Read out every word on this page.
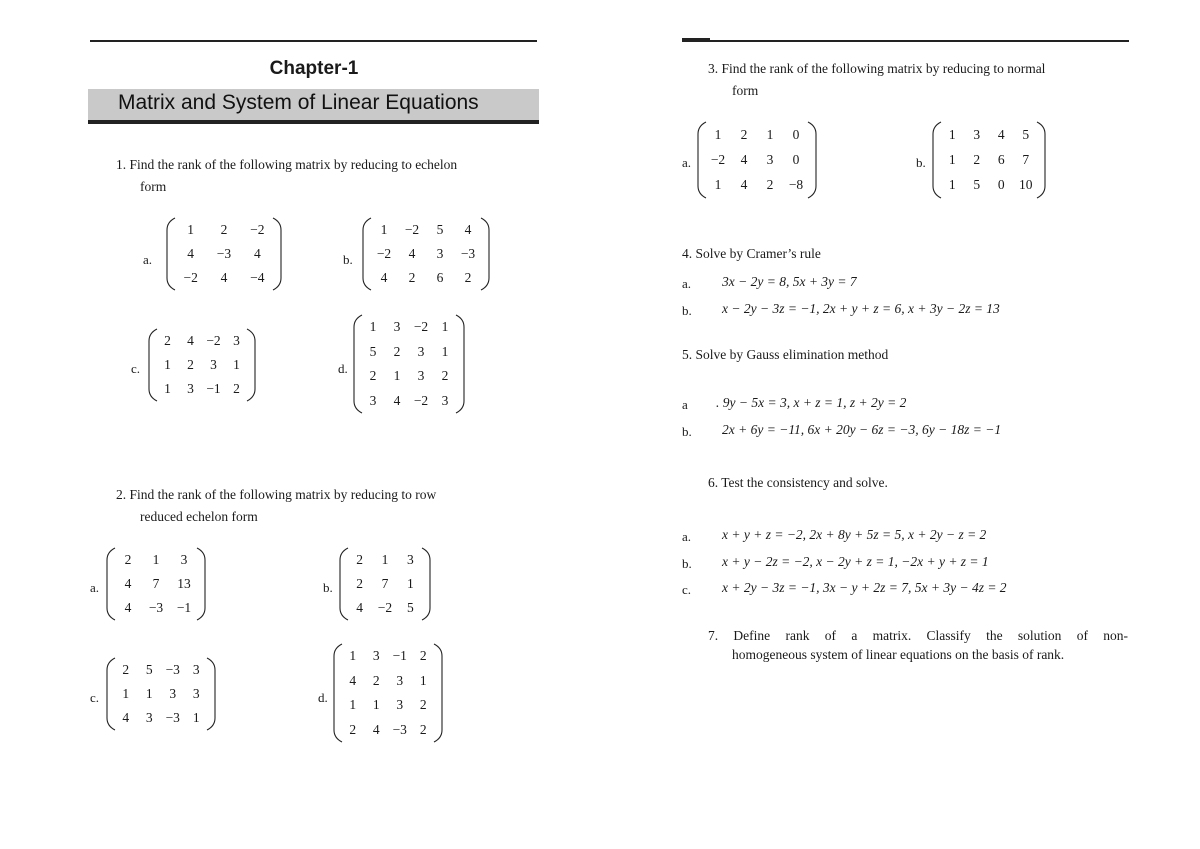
Chapter-1
Matrix and System of Linear Equations
1. Find the rank of the following matrix by reducing to echelon
form
a.
1	2	−2
4	−3	4
−2	4	−4
b.
1	−2	5	4
−2	4	3	−3
4	2	6	2
c.
2	4 −2 3
1	2	3	1
1	3 −1 2
d.
1	3 −2 1
5	2	3	1
2	1	3	2
3	4 −2 3
2. Find the rank of the following matrix by reducing to row
reduced echelon form
a.
2	1	3
4	7	13
4	−3	−1
b.
2	1	3
2	7	1
4	−2	5
c.
2	5 −3 3
1	1	3	3
4	3 −3 1
d.
1	3 −1 2
4	2	3	1
1	1	3	2
2	4 −3 2
3. Find the rank of the following matrix by reducing to normal
form
a.
1	2	1	0
−2	4	3	0
1	4	2	−8
b.
1	3	4	5
1	2	6	7
1	5	0	10
4. Solve by Cramer’s rule
a. 3x − 2y = 8, 5x + 3y = 7
b. x − 2y − 3z = −1, 2x + y + z = 6, x + 3y − 2z = 13
5. Solve by Gauss elimination method
a . 9y − 5x = 3, x + z = 1, z + 2y = 2
b. 2x + 6y = −11, 6x + 20y − 6z = −3, 6y − 18z = −1
6. Test the consistency and solve.
a. x + y + z = −2, 2x + 8y + 5z = 5, x + 2y − z = 2
b. x + y − 2z = −2, x − 2y + z = 1, −2x + y + z = 1
c. x + 2y − 3z = −1, 3x − y + 2z = 7, 5x + 3y − 4z = 2
7. Define rank of a matrix. Classify the solution of non-
homogeneous system of linear equations on the basis of rank.
